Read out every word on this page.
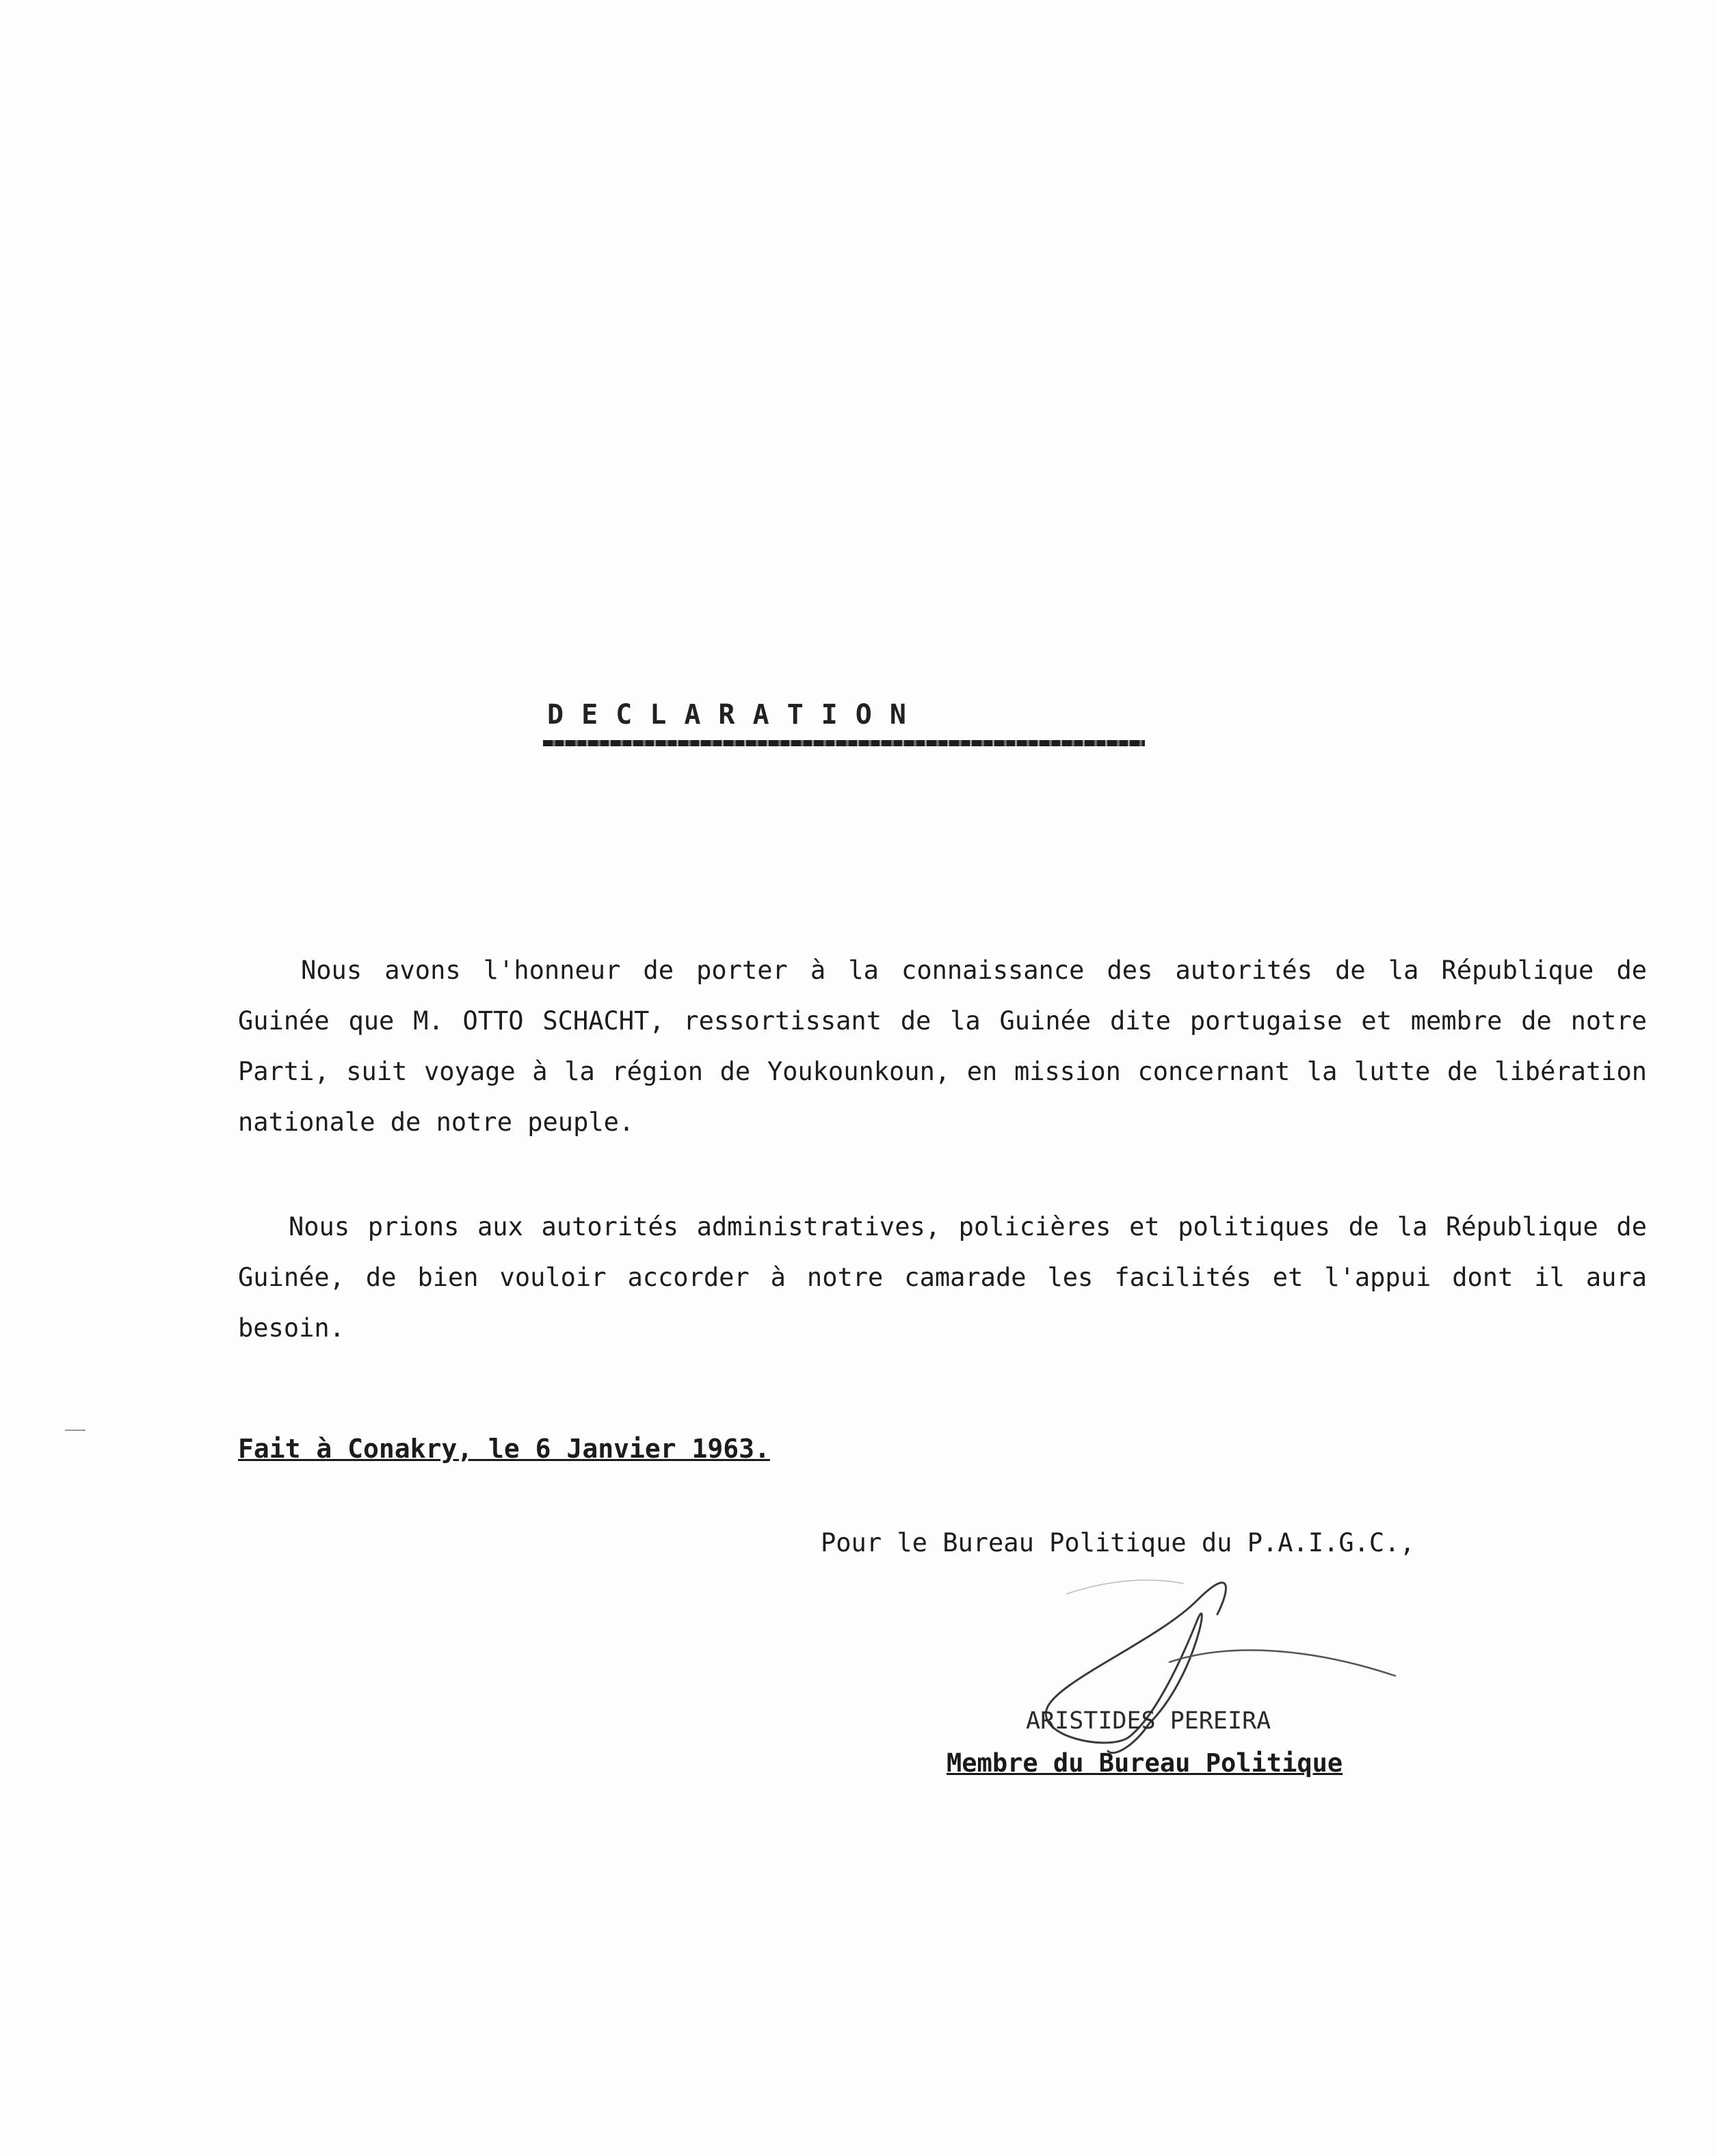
DECLARATION

Nous avons l'honneur de porter à la connaissance des autorités de la République de Guinée que M. OTTO SCHACHT, ressortissant de la Guinée dite portugaise et membre de notre Parti, suit voyage à la région de Youkounkoun, en mission concernant la lutte de libération nationale de notre peuple.

Nous prions aux autorités administratives, policières et politiques de la République de Guinée, de bien vouloir accorder à notre camarade les facilités et l'appui dont il aura besoin.

Fait à Conakry, le 6 Janvier 1963.
Pour le Bureau Politique du P.A.I.G.C.,
ARISTIDES PEREIRA
Membre du Bureau Politique
